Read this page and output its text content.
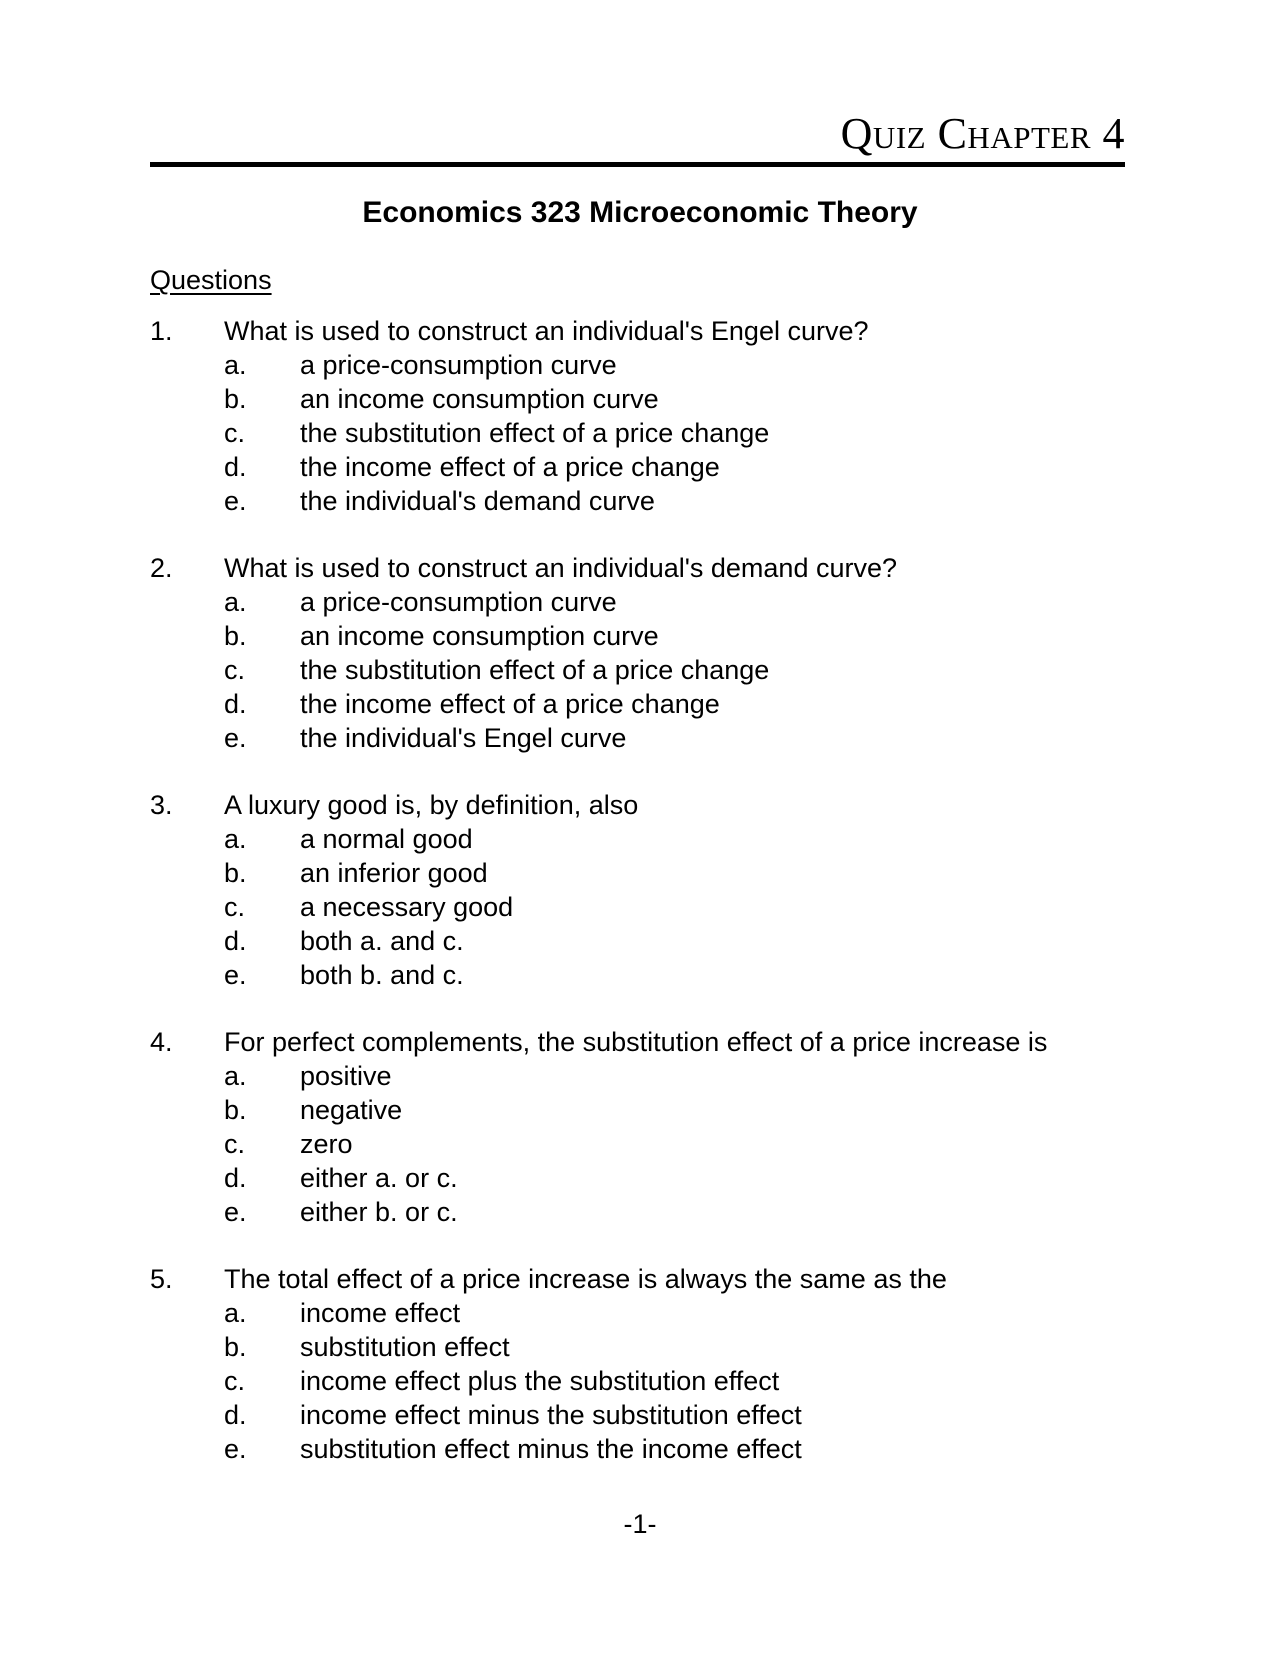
Quiz Chapter 4
Economics 323 Microeconomic Theory
Questions
1. What is used to construct an individual's Engel curve?
a. a price-consumption curve
b. an income consumption curve
c. the substitution effect of a price change
d. the income effect of a price change
e. the individual's demand curve
2. What is used to construct an individual's demand curve?
a. a price-consumption curve
b. an income consumption curve
c. the substitution effect of a price change
d. the income effect of a price change
e. the individual's Engel curve
3. A luxury good is, by definition, also
a. a normal good
b. an inferior good
c. a necessary good
d. both a. and c.
e. both b. and c.
4. For perfect complements, the substitution effect of a price increase is
a. positive
b. negative
c. zero
d. either a. or c.
e. either b. or c.
5. The total effect of a price increase is always the same as the
a. income effect
b. substitution effect
c. income effect plus the substitution effect
d. income effect minus the substitution effect
e. substitution effect minus the income effect
-1-
